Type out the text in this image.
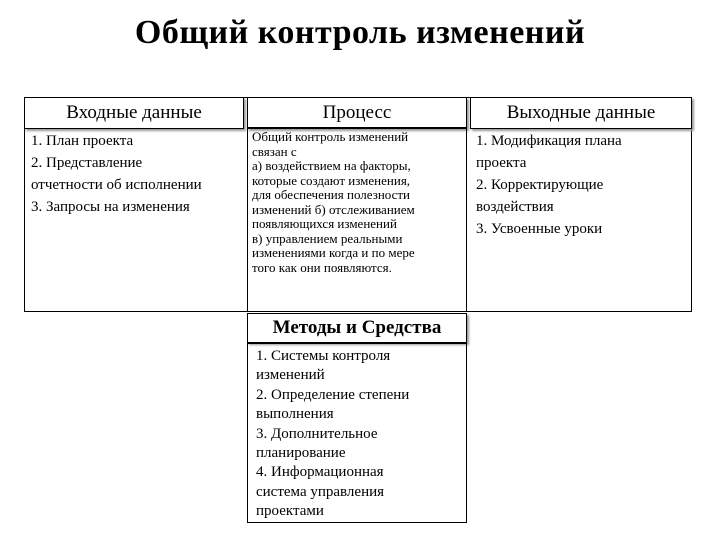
Общий контроль изменений
Входные данные	Процесс	Выходные данные
1. План проекта
2. Представление
отчетности об исполнении
3. Запросы на изменения
Общий контроль изменений
связан с
а) воздействием на факторы,
которые создают изменения,
для обеспечения полезности
изменений б) отслеживанием
появляющихся изменений
в) управлением реальными
изменениями когда и по мере
того как они появляются.
1. Модификация плана
проекта
2. Корректирующие
воздействия
3. Усвоенные уроки
Методы и Средства
1. Системы контроля
изменений
2. Определение степени
выполнения
3. Дополнительное
планирование
4. Информационная
система управления
проектами
